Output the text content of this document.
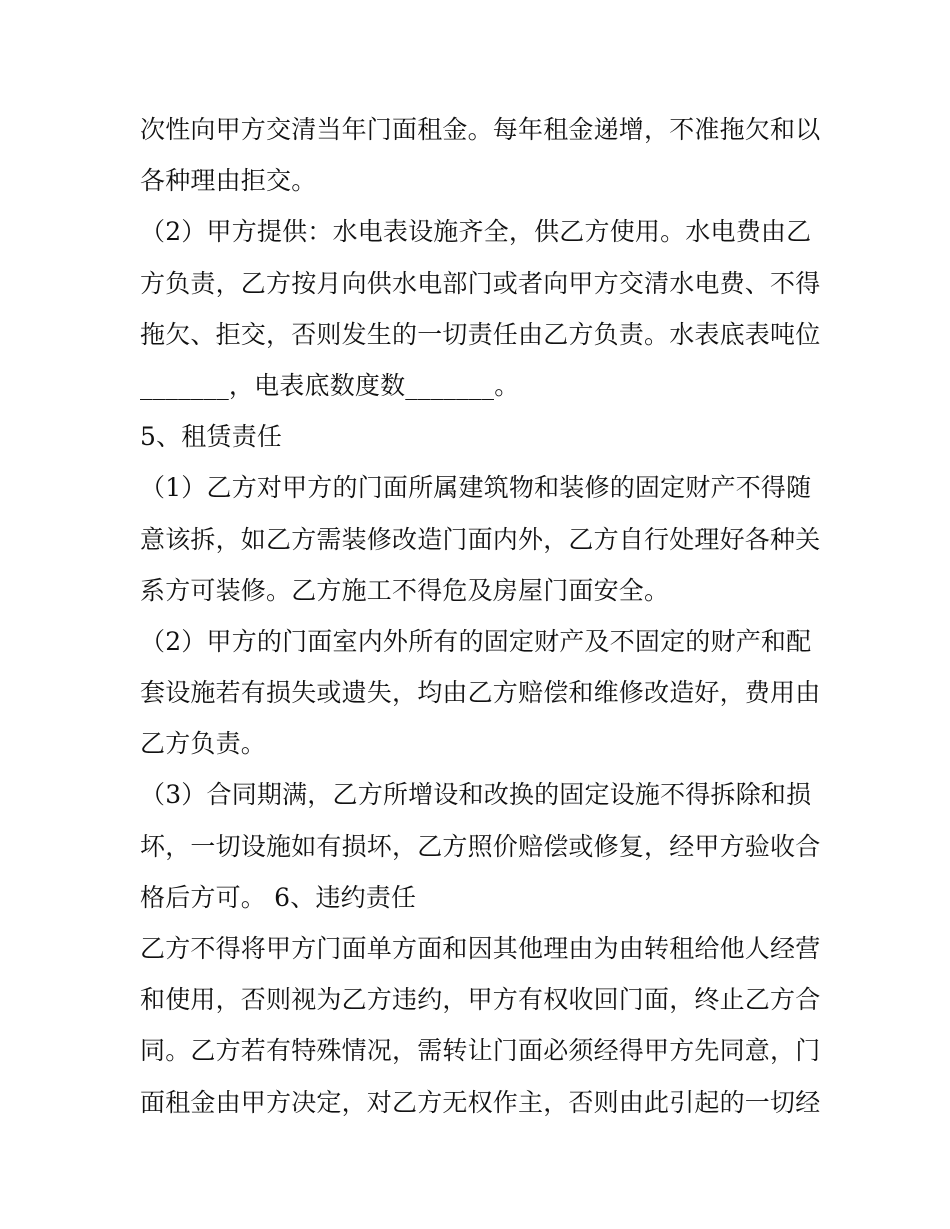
次性向甲方交清当年门面租金。每年租金递增，不准拖欠和以
各种理由拒交。
（2）甲方提供：水电表设施齐全，供乙方使用。水电费由乙
方负责，乙方按月向供水电部门或者向甲方交清水电费、不得
拖欠、拒交，否则发生的一切责任由乙方负责。水表底表吨位
_______，电表底数度数_______。
5、租赁责任
（1）乙方对甲方的门面所属建筑物和装修的固定财产不得随
意该拆，如乙方需装修改造门面内外，乙方自行处理好各种关
系方可装修。乙方施工不得危及房屋门面安全。
（2）甲方的门面室内外所有的固定财产及不固定的财产和配
套设施若有损失或遗失，均由乙方赔偿和维修改造好，费用由
乙方负责。
（3）合同期满，乙方所增设和改换的固定设施不得拆除和损
坏，一切设施如有损坏，乙方照价赔偿或修复，经甲方验收合
格后方可。 6、违约责任
乙方不得将甲方门面单方面和因其他理由为由转租给他人经营
和使用，否则视为乙方违约，甲方有权收回门面，终止乙方合
同。乙方若有特殊情况，需转让门面必须经得甲方先同意，门
面租金由甲方决定，对乙方无权作主，否则由此引起的一切经
